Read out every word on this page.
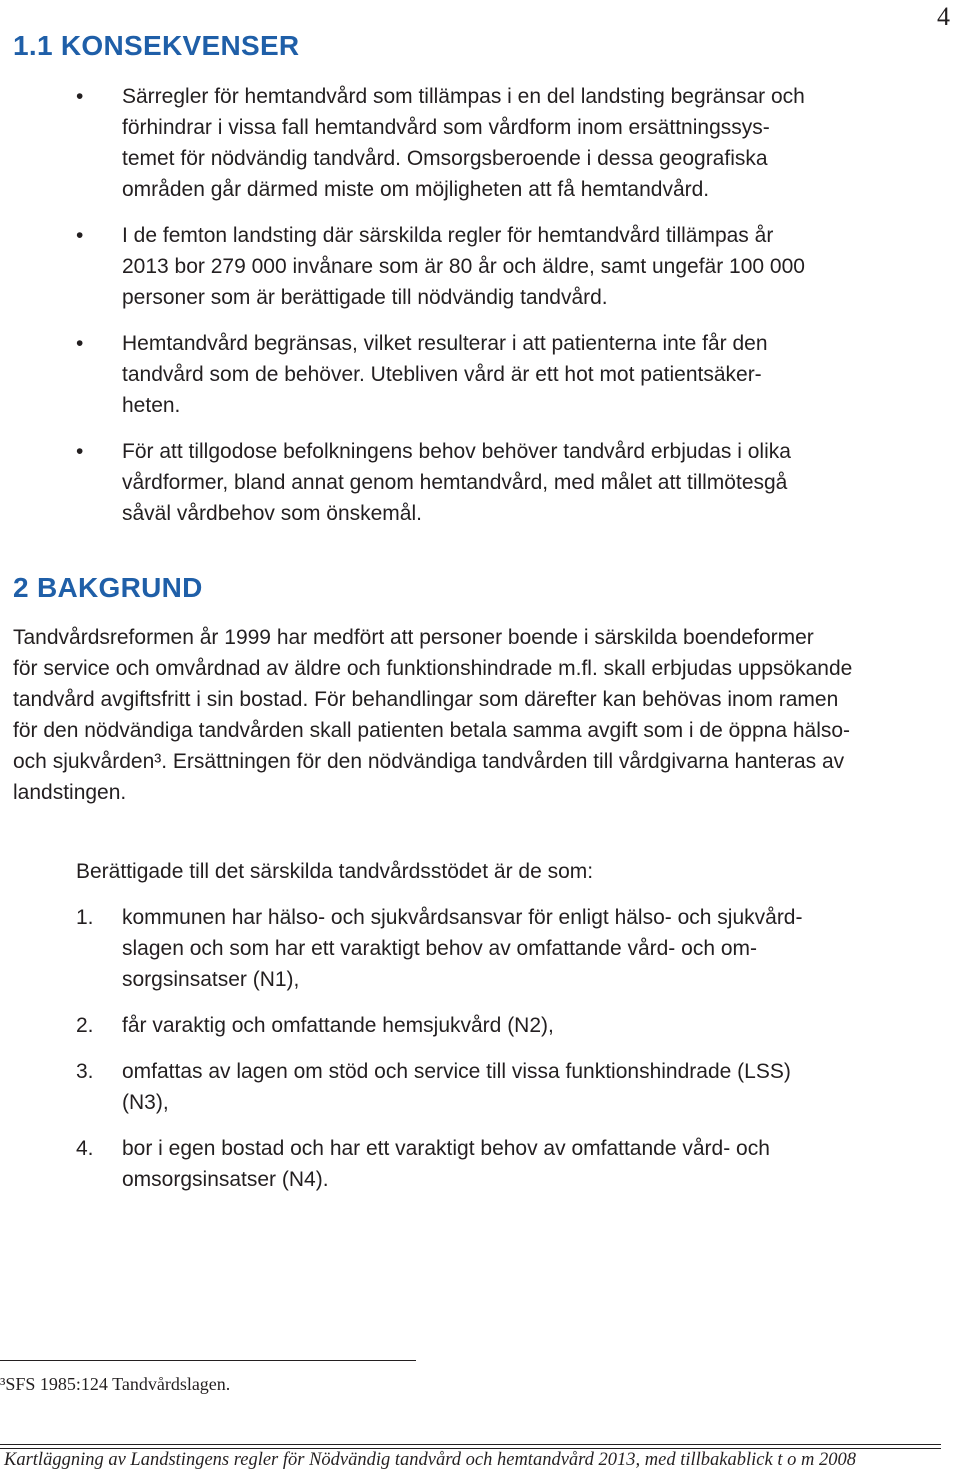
4
1.1 KONSEKVENSER
• Särregler för hemtandvård som tillämpas i en del landsting begränsar och
förhindrar i vissa fall hemtandvård som vårdform inom ersättningssys-
temet för nödvändig tandvård. Omsorgsberoende i dessa geografiska
områden går därmed miste om möjligheten att få hemtandvård.
• I de femton landsting där särskilda regler för hemtandvård tillämpas år
2013 bor 279 000 invånare som är 80 år och äldre, samt ungefär 100 000
personer som är berättigade till nödvändig tandvård.
• Hemtandvård begränsas, vilket resulterar i att patienterna inte får den
tandvård som de behöver. Utebliven vård är ett hot mot patientsäker-
heten.
• För att tillgodose befolkningens behov behöver tandvård erbjudas i olika
vårdformer, bland annat genom hemtandvård, med målet att tillmötesgå
såväl vårdbehov som önskemål.
2 BAKGRUND
Tandvårdsreformen år 1999 har medfört att personer boende i särskilda boendeformer
för service och omvårdnad av äldre och funktionshindrade m.fl. skall erbjudas uppsökande
tandvård avgiftsfritt i sin bostad. För behandlingar som därefter kan behövas inom ramen
för den nödvändiga tandvården skall patienten betala samma avgift som i de öppna hälso-
och sjukvården³. Ersättningen för den nödvändiga tandvården till vårdgivarna hanteras av
landstingen.

Berättigade till det särskilda tandvårdsstödet är de som:

1. kommunen har hälso- och sjukvårdsansvar för enligt hälso- och sjukvård-
slagen och som har ett varaktigt behov av omfattande vård- och om-
sorgsinsatser (N1),
2. får varaktig och omfattande hemsjukvård (N2),
3. omfattas av lagen om stöd och service till vissa funktionshindrade (LSS)
(N3),
4. bor i egen bostad och har ett varaktigt behov av omfattande vård- och
omsorgsinsatser (N4).

³SFS 1985:124 Tandvårdslagen.

Kartläggning av Landstingens regler för Nödvändig tandvård och hemtandvård 2013, med tillbakablick t o m 2008
